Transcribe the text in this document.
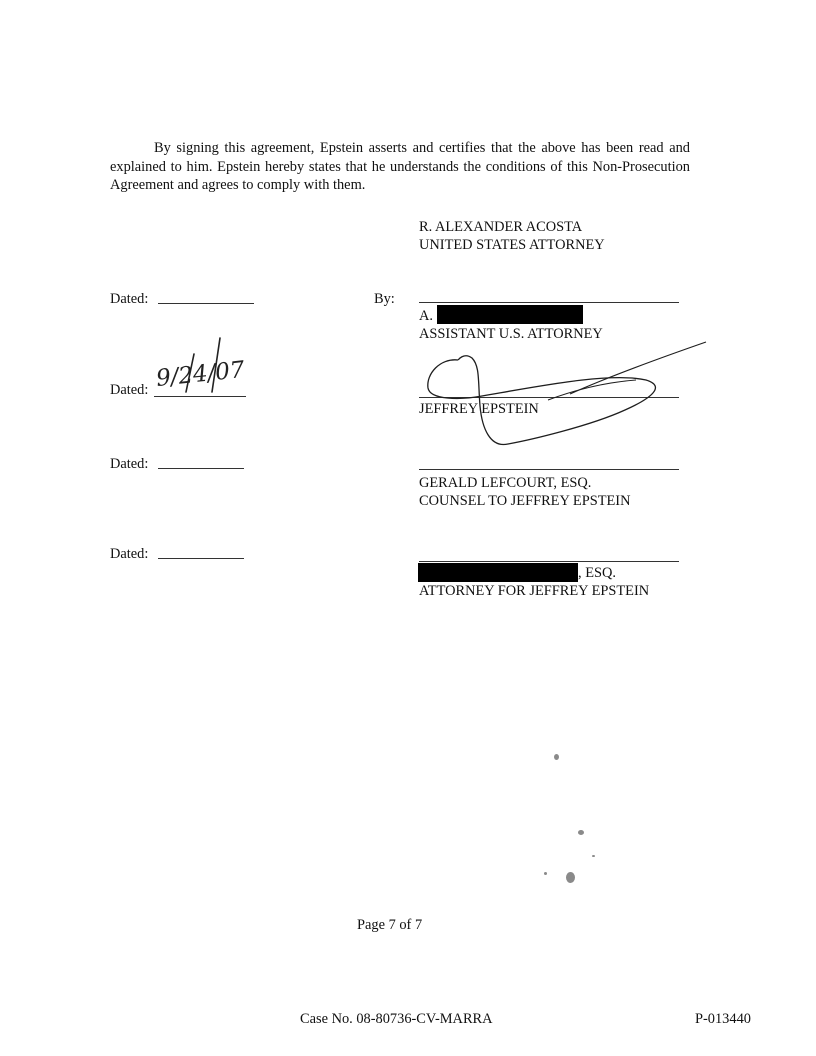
By signing this agreement, Epstein asserts and certifies that the above has been read and explained to him. Epstein hereby states that he understands the conditions of this Non-Prosecution Agreement and agrees to comply with them.
R. ALEXANDER ACOSTA
UNITED STATES ATTORNEY
Dated:	By:
A.
ASSISTANT U.S. ATTORNEY
Dated: 9/24/07
JEFFREY EPSTEIN
Dated:
GERALD LEFCOURT, ESQ.
COUNSEL TO JEFFREY EPSTEIN
Dated:
, ESQ.
ATTORNEY FOR JEFFREY EPSTEIN
Page 7 of 7
Case No. 08-80736-CV-MARRA	P-013440
